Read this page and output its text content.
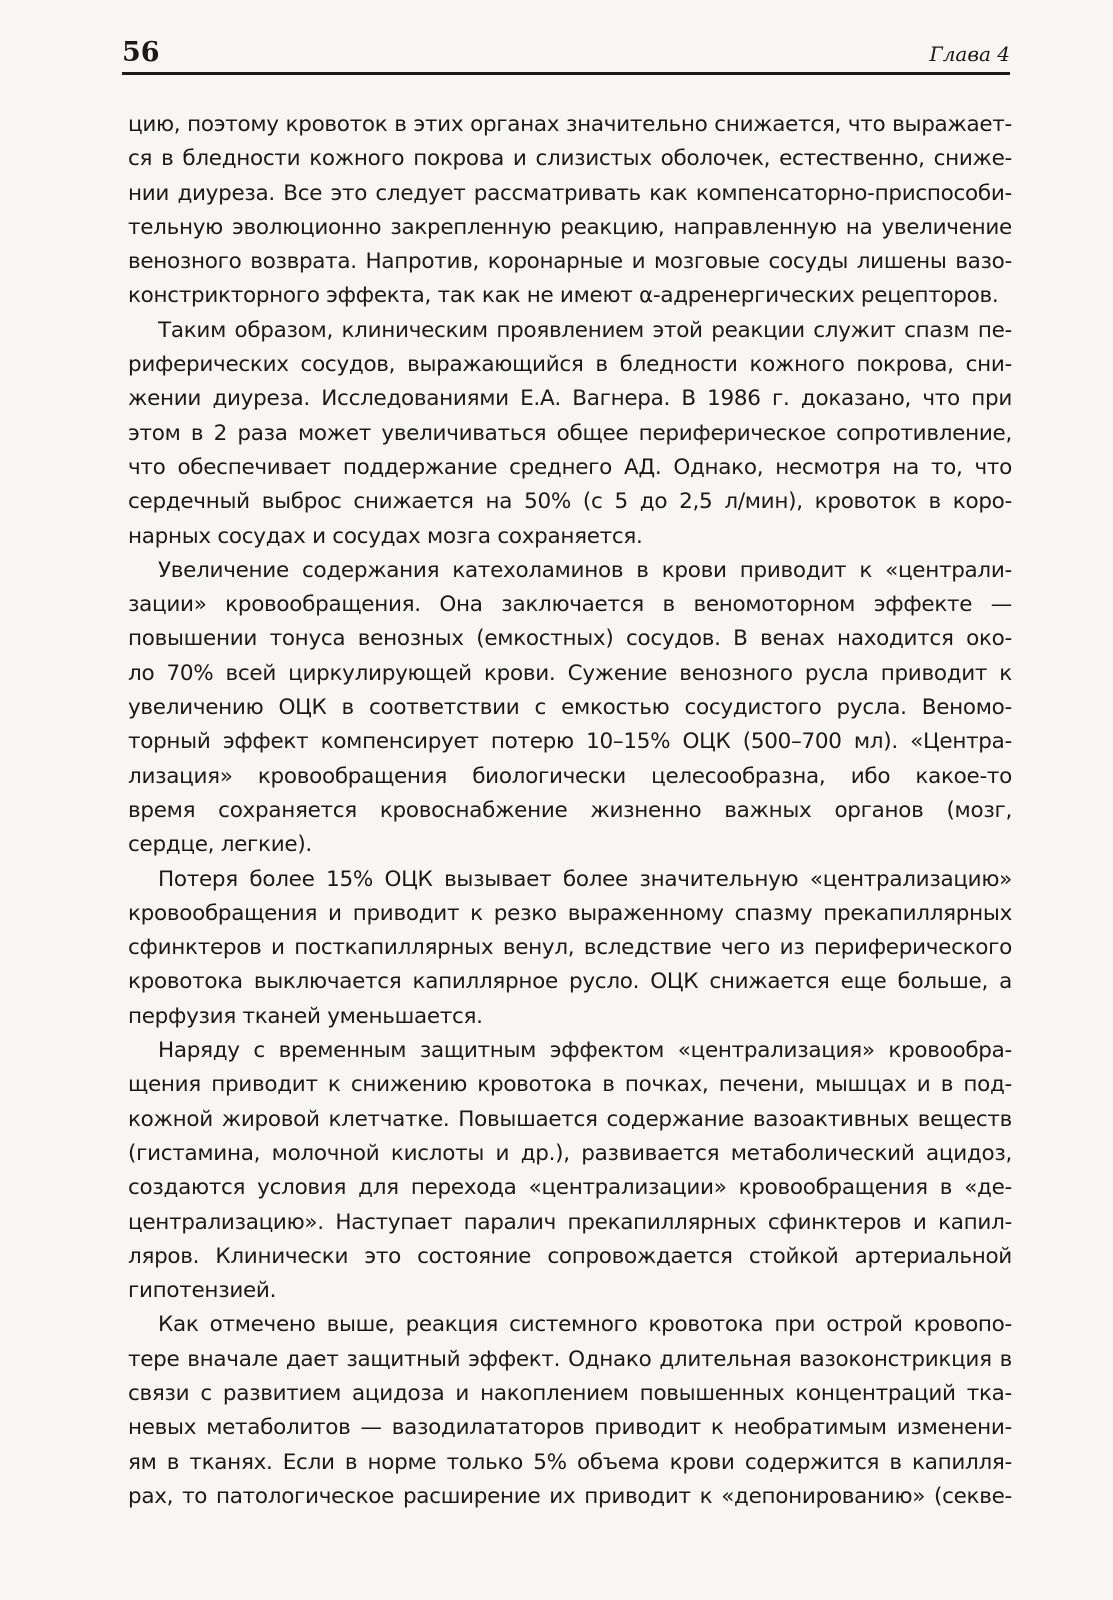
56	Глава 4
цию, поэтому кровоток в этих органах значительно снижается, что выражает-
ся в бледности кожного покрова и слизистых оболочек, естественно, сниже-
нии диуреза. Все это следует рассматривать как компенсаторно-приспособи-
тельную эволюционно закрепленную реакцию, направленную на увеличение
венозного возврата. Напротив, коронарные и мозговые сосуды лишены вазо-
констрикторного эффекта, так как не имеют α-адренергических рецепторов.
Таким образом, клиническим проявлением этой реакции служит спазм пе-
риферических сосудов, выражающийся в бледности кожного покрова, сни-
жении диуреза. Исследованиями Е.А. Вагнера. В 1986 г. доказано, что при
этом в 2 раза может увеличиваться общее периферическое сопротивление,
что обеспечивает поддержание среднего АД. Однако, несмотря на то, что
сердечный выброс снижается на 50% (с 5 до 2,5 л/мин), кровоток в коро-
нарных сосудах и сосудах мозга сохраняется.
Увеличение содержания катехоламинов в крови приводит к «централи-
зации» кровообращения. Она заключается в веномоторном эффекте —
повышении тонуса венозных (емкостных) сосудов. В венах находится око-
ло 70% всей циркулирующей крови. Сужение венозного русла приводит к
увеличению ОЦК в соответствии с емкостью сосудистого русла. Веномо-
торный эффект компенсирует потерю 10–15% ОЦК (500–700 мл). «Центра-
лизация» кровообращения биологически целесообразна, ибо какое-то
время сохраняется кровоснабжение жизненно важных органов (мозг,
сердце, легкие).
Потеря более 15% ОЦК вызывает более значительную «централизацию»
кровообращения и приводит к резко выраженному спазму прекапиллярных
сфинктеров и посткапиллярных венул, вследствие чего из периферического
кровотока выключается капиллярное русло. ОЦК снижается еще больше, а
перфузия тканей уменьшается.
Наряду с временным защитным эффектом «централизация» кровообра-
щения приводит к снижению кровотока в почках, печени, мышцах и в под-
кожной жировой клетчатке. Повышается содержание вазоактивных веществ
(гистамина, молочной кислоты и др.), развивается метаболический ацидоз,
создаются условия для перехода «централизации» кровообращения в «де-
централизацию». Наступает паралич прекапиллярных сфинктеров и капил-
ляров. Клинически это состояние сопровождается стойкой артериальной
гипотензией.
Как отмечено выше, реакция системного кровотока при острой кровопо-
тере вначале дает защитный эффект. Однако длительная вазоконстрикция в
связи с развитием ацидоза и накоплением повышенных концентраций тка-
невых метаболитов — вазодилататоров приводит к необратимым изменени-
ям в тканях. Если в норме только 5% объема крови содержится в капилля-
рах, то патологическое расширение их приводит к «депонированию» (секве-
